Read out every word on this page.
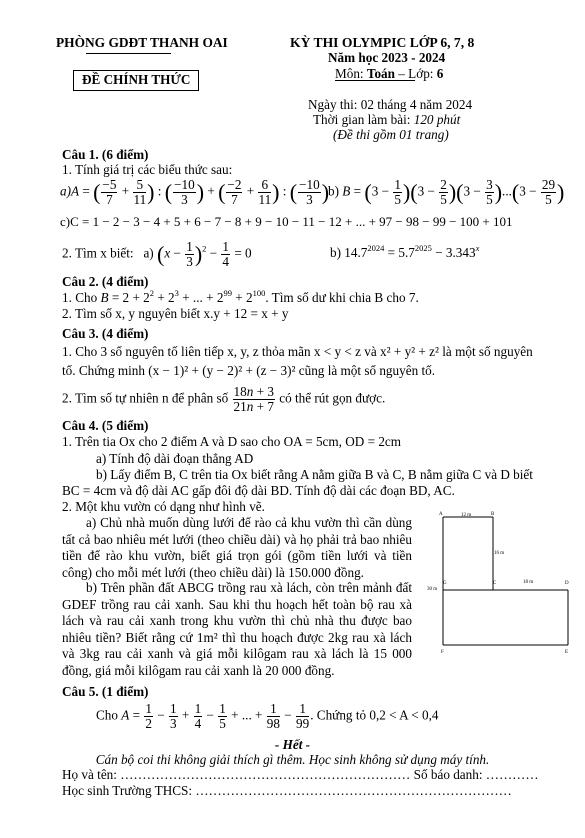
PHÒNG GDĐT THANH OAI
ĐỀ CHÍNH THỨC
KỲ THI OLYMPIC LỚP 6, 7, 8
Năm học 2023 - 2024
Môn: Toán – Lớp: 6
Ngày thi: 02 tháng 4 năm 2024
Thời gian làm bài: 120 phút
(Đề thi gồm 01 trang)
Câu 1. (6 điểm)
1. Tính giá trị các biểu thức sau:
a)A = ( $\frac{-5}{7} + \frac{5}{11}$ ) : ( $\frac{-10}{3}$ ) + ( $\frac{-2}{7} + \frac{6}{11}$ ) : ( $\frac{-10}{3}$ )
b) $B = (3 - \frac{1}{5} )(3 - \frac{2}{5} )(3 - \frac{3}{5} )...(3 - \frac{29}{5}$ )
c)C = 1 − 2 − 3 − 4 + 5 + 6 − 7 − 8 + 9 − 10 − 11 − 12 + ... + 97 − 98 − 99 − 100 + 101
2. Tìm x biết:   a) $(x - \frac{1}{3} )^2 - \frac{1}{4} = 0$	b) $14.7^{2024} = 5.7^{2025} - 3.343^x$
Câu 2. (4 điểm)
1. Cho $B = 2 + 2^2 + 2^3$ + ... + $2^{99} + 2^{100}$. Tìm số dư khi chia B cho 7.
2. Tìm số x, y nguyên biết x.y + 12 = x + y
Câu 3. (4 điểm)
1. Cho 3 số nguyên tố liên tiếp x, y, z thỏa mãn x < y < z và x² + y² + z² là một số nguyên
tố. Chứng minh (x − 1)² + (y − 2)² + (z − 3)² cũng là một số nguyên tố.
2. Tìm số tự nhiên n để phân số $\frac{18n + 3}{21n + 7}$ có thể rút gọn được.
Câu 4. (5 điểm)
1. Trên tia Ox cho 2 điểm A và D sao cho OA = 5cm, OD = 2cm
a) Tính độ dài đoạn thẳng AD
b) Lấy điểm B, C trên tia Ox biết rằng A nằm giữa B và C, B nằm giữa C và D biết
BC = 4cm và độ dài AC gấp đôi độ dài BD. Tính độ dài các đoạn BD, AC.
2. Một khu vườn có dạng như hình vẽ.
a) Chủ nhà muốn dùng lưới để rào cả khu vườn thì cần dùng tất cả bao nhiêu mét lưới (theo chiều dài) và họ phải trả bao nhiêu tiền để rào khu vườn, biết giá trọn gói (gồm tiền lưới và tiền công) cho mỗi mét lưới (theo chiều dài) là 150.000 đồng.
b) Trên phần đất ABCG trồng rau xà lách, còn trên mảnh đất GDEF trồng rau cải xanh. Sau khi thu hoạch hết toàn bộ rau xà lách và rau cải xanh trong khu vườn thì chủ nhà thu được bao nhiêu tiền? Biết rằng cứ 1m² thì thu hoạch được 2kg rau xà lách và 3kg rau cải xanh và giá mỗi kilôgam rau xà lách là 15 000 đồng, giá mỗi kilôgam rau cải xanh là 20 000 đồng.
A	B
C	D
E
F
G
12 m
16 m
18 m
30 m
Câu 5. (1 điểm)
Cho $A = \frac{1}{2} - \frac{1}{3} + \frac{1}{4} - \frac{1}{5}$ + ... + $\frac{1}{98} - \frac{1}{99}$ . Chứng tỏ 0,2 < A < 0,4
- Hết -
Cán bộ coi thi không giải thích gì thêm. Học sinh không sử dụng máy tính.
Họ và tên: ………………………………………………………… Số báo danh: …………
Học sinh Trường THCS: ………………………………………………………………
